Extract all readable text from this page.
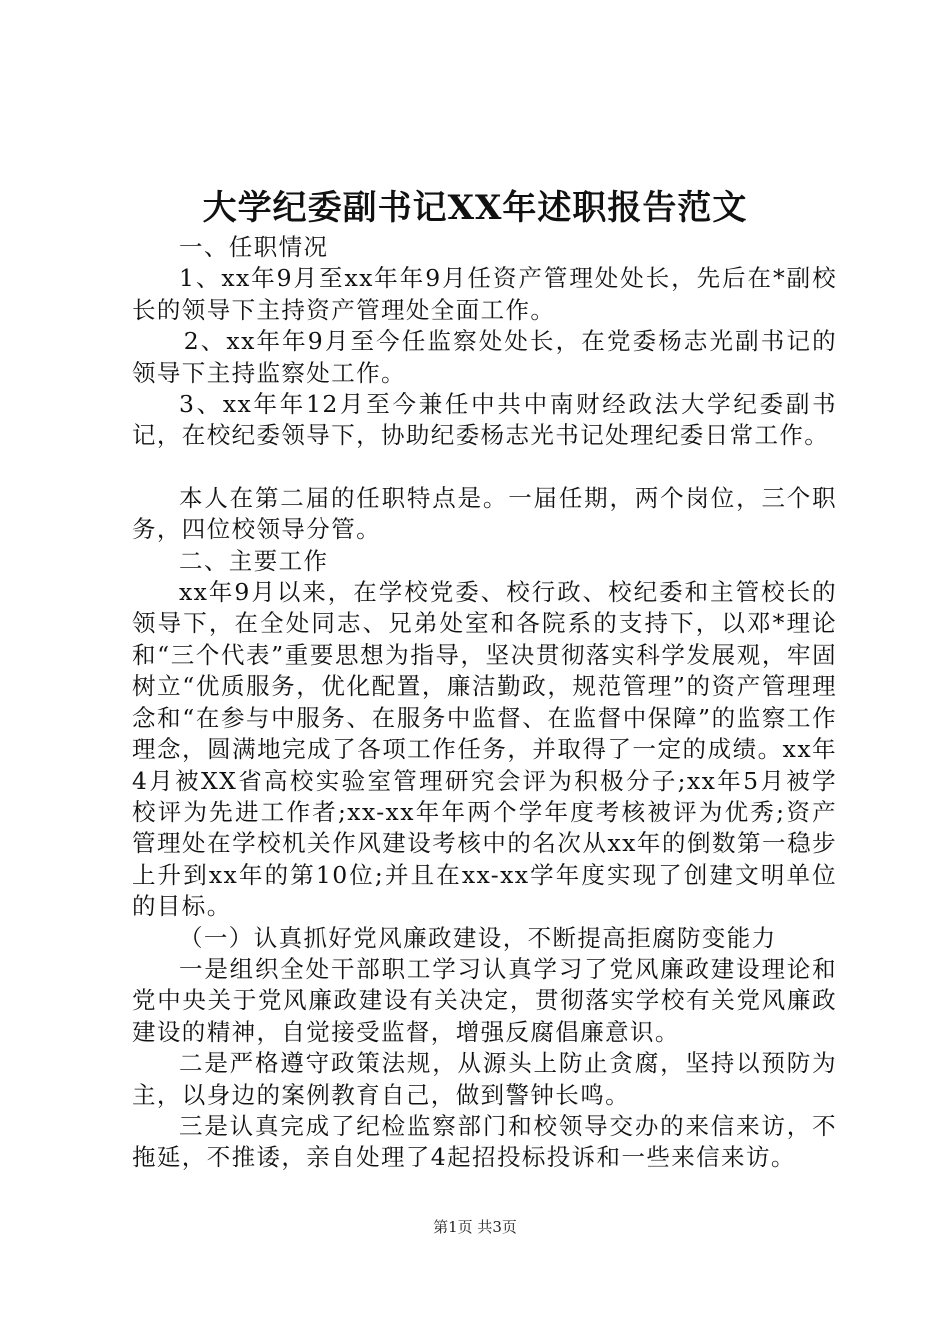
大学纪委副书记XX年述职报告范文

一、任职情况

1、xx年9月至xx年年9月任资产管理处处长，先后在*副校长的领导下主持资产管理处全面工作。

2、xx年年9月至今任监察处处长，在党委杨志光副书记的领导下主持监察处工作。

3、xx年年12月至今兼任中共中南财经政法大学纪委副书记，在校纪委领导下，协助纪委杨志光书记处理纪委日常工作。

本人在第二届的任职特点是。一届任期，两个岗位，三个职务，四位校领导分管。

二、主要工作

xx年9月以来，在学校党委、校行政、校纪委和主管校长的领导下，在全处同志、兄弟处室和各院系的支持下，以邓*理论和“三个代表”重要思想为指导，坚决贯彻落实科学发展观，牢固树立“优质服务，优化配置，廉洁勤政，规范管理”的资产管理理念和“在参与中服务、在服务中监督、在监督中保障”的监察工作理念，圆满地完成了各项工作任务，并取得了一定的成绩。xx年4月被XX省高校实验室管理研究会评为积极分子;xx年5月被学校评为先进工作者;xx-xx年年两个学年度考核被评为优秀;资产管理处在学校机关作风建设考核中的名次从xx年的倒数第一稳步上升到xx年的第10位;并且在xx-xx学年度实现了创建文明单位的目标。

（一）认真抓好党风廉政建设，不断提高拒腐防变能力

一是组织全处干部职工学习认真学习了党风廉政建设理论和党中央关于党风廉政建设有关决定，贯彻落实学校有关党风廉政建设的精神，自觉接受监督，增强反腐倡廉意识。

二是严格遵守政策法规，从源头上防止贪腐，坚持以预防为主，以身边的案例教育自己，做到警钟长鸣。

三是认真完成了纪检监察部门和校领导交办的来信来访，不拖延，不推诿，亲自处理了4起招投标投诉和一些来信来访。

第1页 共3页
